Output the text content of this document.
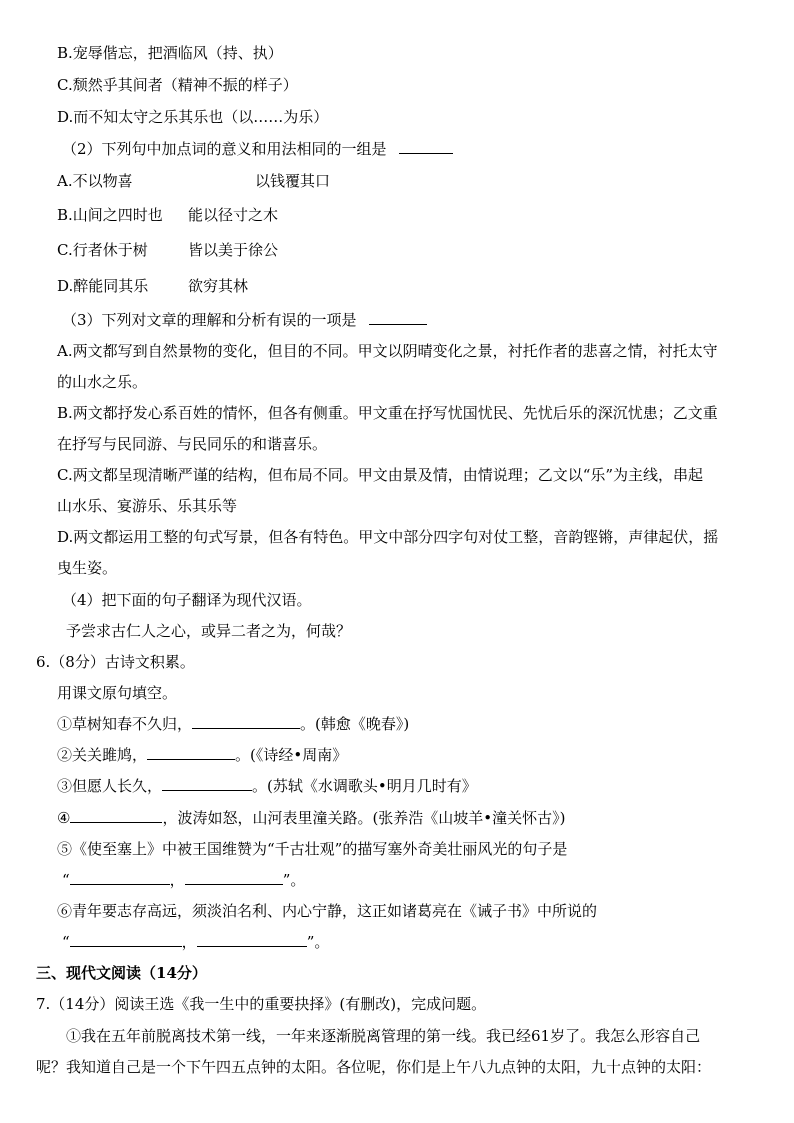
B.宠辱偕忘，把酒临风（持、执）
C.颓然乎其间者（精神不振的样子）
D.而不知太守之乐其乐也（以……为乐）
（2）下列句中加点词的意义和用法相同的一组是
A.不以物喜	以钱覆其口
B.山间之四时也 能以径寸之木
C.行者休于树	皆以美于徐公
D.醉能同其乐	欲穷其林
（3）下列对文章的理解和分析有误的一项是
A.两文都写到自然景物的变化，但目的不同。甲文以阴晴变化之景，衬托作者的悲喜之情，衬托太守
的山水之乐。
B.两文都抒发心系百姓的情怀，但各有侧重。甲文重在抒写忧国忧民、先忧后乐的深沉忧患；乙文重
在抒写与民同游、与民同乐的和谐喜乐。
C.两文都呈现清晰严谨的结构，但布局不同。甲文由景及情，由情说理；乙文以“乐”为主线，串起
山水乐、宴游乐、乐其乐等
D.两文都运用工整的句式写景，但各有特色。甲文中部分四字句对仗工整，音韵铿锵，声律起伏，摇
曳生姿。
（4）把下面的句子翻译为现代汉语。
予尝求古仁人之心，或异二者之为，何哉？
6.（8分）古诗文积累。
用课文原句填空。
①草树知春不久归，	。(韩愈《晚春》)
②关关雎鸠，	。(《诗经•周南》
③但愿人长久，	。(苏轼《水调歌头•明月几时有》
④	，波涛如怒，山河表里潼关路。(张养浩《山坡羊•潼关怀古》)
⑤《使至塞上》中被王国维赞为“千古壮观”的描写塞外奇美壮丽风光的句子是
“	，	”。
⑥青年要志存高远，须淡泊名利、内心宁静，这正如诸葛亮在《诫子书》中所说的
“	，	”。
三、现代文阅读（14分）
7.（14分）阅读王选《我一生中的重要抉择》(有删改)，完成问题。
①我在五年前脱离技术第一线，一年来逐渐脱离管理的第一线。我已经61岁了。我怎么形容自己
呢？我知道自己是一个下午四五点钟的太阳。各位呢，你们是上午八九点钟的太阳，九十点钟的太阳：
